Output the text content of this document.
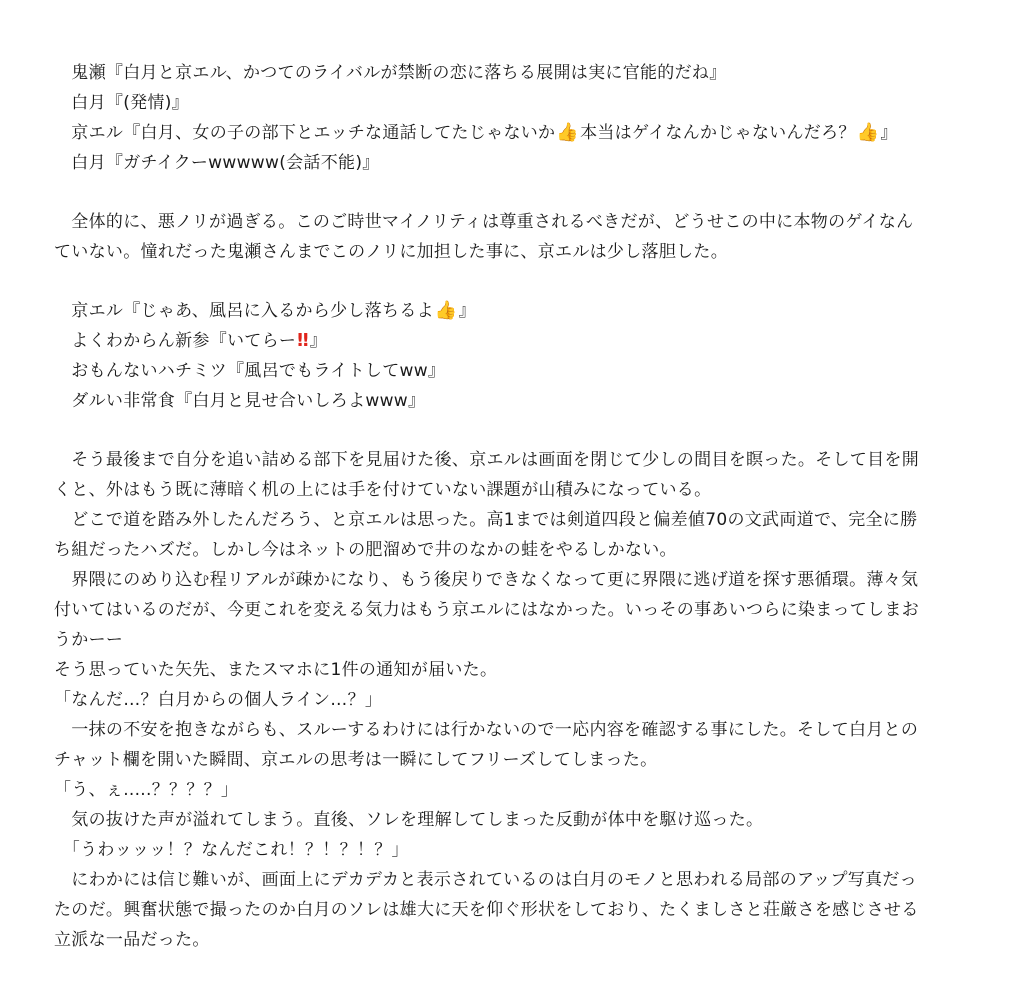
　鬼瀬『白月と京エル、かつてのライバルが禁断の恋に落ちる展開は実に官能的だね』
　白月『(発情)』
　京エル『白月、女の子の部下とエッチな通話してたじゃないか👍本当はゲイなんかじゃないんだろ？👍』
　白月『ガチイクーwwwww(会話不能)』
　全体的に、悪ノリが過ぎる。このご時世マイノリティは尊重されるべきだが、どうせこの中に本物のゲイなん
ていない。憧れだった鬼瀬さんまでこのノリに加担した事に、京エルは少し落胆した。
　京エル『じゃあ、風呂に入るから少し落ちるよ👍』
　よくわからん新参『いてらー‼』
　おもんないハチミツ『風呂でもライトしてww』
　ダルい非常食『白月と見せ合いしろよwww』
　そう最後まで自分を追い詰める部下を見届けた後、京エルは画面を閉じて少しの間目を瞑った。そして目を開
くと、外はもう既に薄暗く机の上には手を付けていない課題が山積みになっている。
　どこで道を踏み外したんだろう、と京エルは思った。高1までは剣道四段と偏差値70の文武両道で、完全に勝
ち組だったハズだ。しかし今はネットの肥溜めで井のなかの蛙をやるしかない。
　界隈にのめり込む程リアルが疎かになり、もう後戻りできなくなって更に界隈に逃げ道を探す悪循環。薄々気
付いてはいるのだが、今更これを変える気力はもう京エルにはなかった。いっその事あいつらに染まってしまお
うかーー
そう思っていた矢先、またスマホに1件の通知が届いた。
「なんだ…？白月からの個人ライン…？」
　一抹の不安を抱きながらも、スルーするわけには行かないので一応内容を確認する事にした。そして白月との
チャット欄を開いた瞬間、京エルの思考は一瞬にしてフリーズしてしまった。
「う、ぇ.....？？？？」
　気の抜けた声が溢れてしまう。直後、ソレを理解してしまった反動が体中を駆け巡った。
　「うわッッッ！？なんだこれ！？！？！？」
　にわかには信じ難いが、画面上にデカデカと表示されているのは白月のモノと思われる局部のアップ写真だっ
たのだ。興奮状態で撮ったのか白月のソレは雄大に天を仰ぐ形状をしており、たくましさと荘厳さを感じさせる
立派な一品だった。
